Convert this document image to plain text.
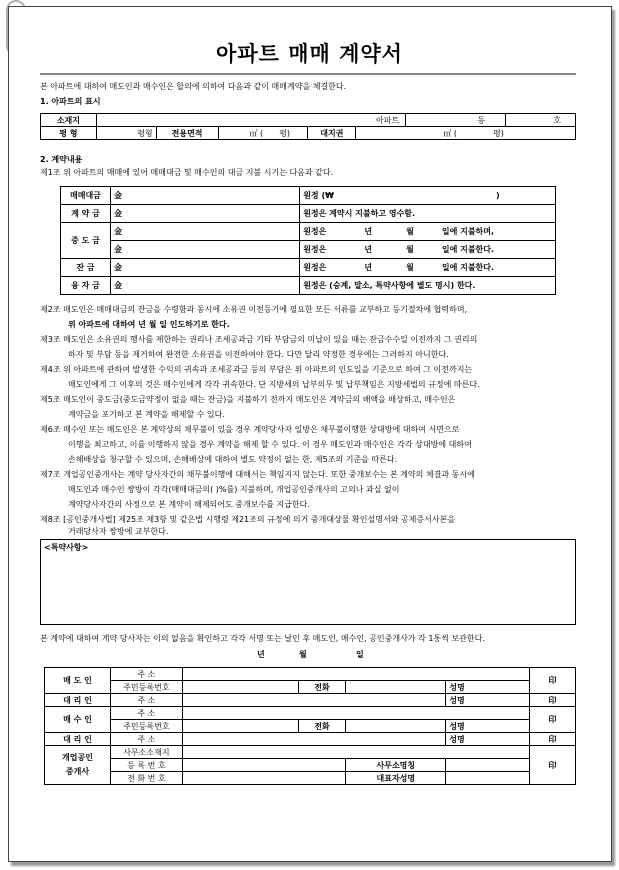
아파트 매매 계약서
본 아파트에 대하여 매도인과 매수인은 합의에 의하여 다음과 같이 매매계약을 체결한다.
1. 아파트의 표시
소재지	아파트					동	호
평 형	평형	전용면적	㎡ ( 평)	대지권	㎡ ( 평)		
2. 계약내용
제1조 위 아파트의 매매에 있어 매매대금 및 매수인의 대금 지불 시기는 다음과 같다.
매매대금	金	원정 (₩ )
계 약 금	金	원정은 계약시 지불하고 영수함.
중 도 금	金	원정은 년 월 일에 지불하며,
	金	원정은 년 월 일에 지불한다.
잔 금	金	원정은 년 월 일에 지불한다.
융 자 금	金	원정은 (승계, 말소, 특약사항에 별도 명시) 한다.
제2조 매도인은 매매대금의 잔금을 수령함과 동시에 소유권 이전등기에 필요한 모든 서류를 교부하고 등기절차에 협력하며,
위 아파트에 대하여 년 월 일 인도하기로 한다.
제3조 매도인은 소유권의 행사를 제한하는 권리나 조세공과금 기타 부담금의 미납이 있을 때는 잔금수수일 이전까지 그 권리의
하자 및 부담 등을 제거하여 완전한 소유권을 이전하여야 한다. 다만 달리 약정한 경우에는 그러하지 아니한다.
제4조 위 아파트에 관하여 발생한 수익의 귀속과 조세공과금 등의 부담은 위 아파트의 인도일을 기준으로 하여 그 이전까지는
매도인에게 그 이후의 것은 매수인에게 각각 귀속한다. 단 지방세의 납부의무 및 납부책임은 지방세법의 규정에 따른다.
제5조 매도인이 중도금(중도금약정이 없을 때는 잔금)을 지불하기 전까지 매도인은 계약금의 배액을 배상하고, 매수인은
계약금을 포기하고 본 계약을 해제할 수 있다.
제6조 매수인 또는 매도인은 본 계약상의 채무불이 있을 경우 계약당사자 일방은 채무불이행한 상대방에 대하여 서면으로
이행을 최고하고, 이를 이행하지 않을 경우 계약을 해제 할 수 있다. 이 경우 매도인과 매수인은 각각 상대방에 대하여
손해배상을 청구할 수 있으며, 손해배상에 대하여 별도 약정이 없는 한, 제5조의 기준을 따른다.
제7조 개업공인중개사는 계약 당사자간의 채무불이행에 대해서는 책임지지 않는다. 또한 중개보수는 본 계약의 체결과 동시에
매도인과 매수인 쌍방이 각각(매매대금의( )%를) 지불하며, 개업공인중개사의 고의나 과실 없이
계약당사자간의 사정으로 본 계약이 해제되어도 중개보수를 지급한다.
제8조 [공인중개사법] 제25조 제3항 및 같은법 시행령 제21조의 규정에 의거 중개대상물 확인설명서와 공제증서사본을
거래당사자 쌍방에 교부한다.
<특약사항>
본 계약에 대하여 계약 당사자는 이의 없음을 확인하고 각각 서명 또는 날인 후 매도인, 매수인, 공인중개사가 각 1통씩 보관한다.
년	월	일
매 도 인	주 소					印
	주민등록번호		전화		성명	
대 리 인	주 소				성명	印
매 수 인	주 소					印
	주민등록번호		전화		성명	
대 리 인	주 소				성명	印

개업공인
중개사	사무소소재지					印
	등 록 번 호			사무소명칭		
	전 화 번 호			대표자성명		
